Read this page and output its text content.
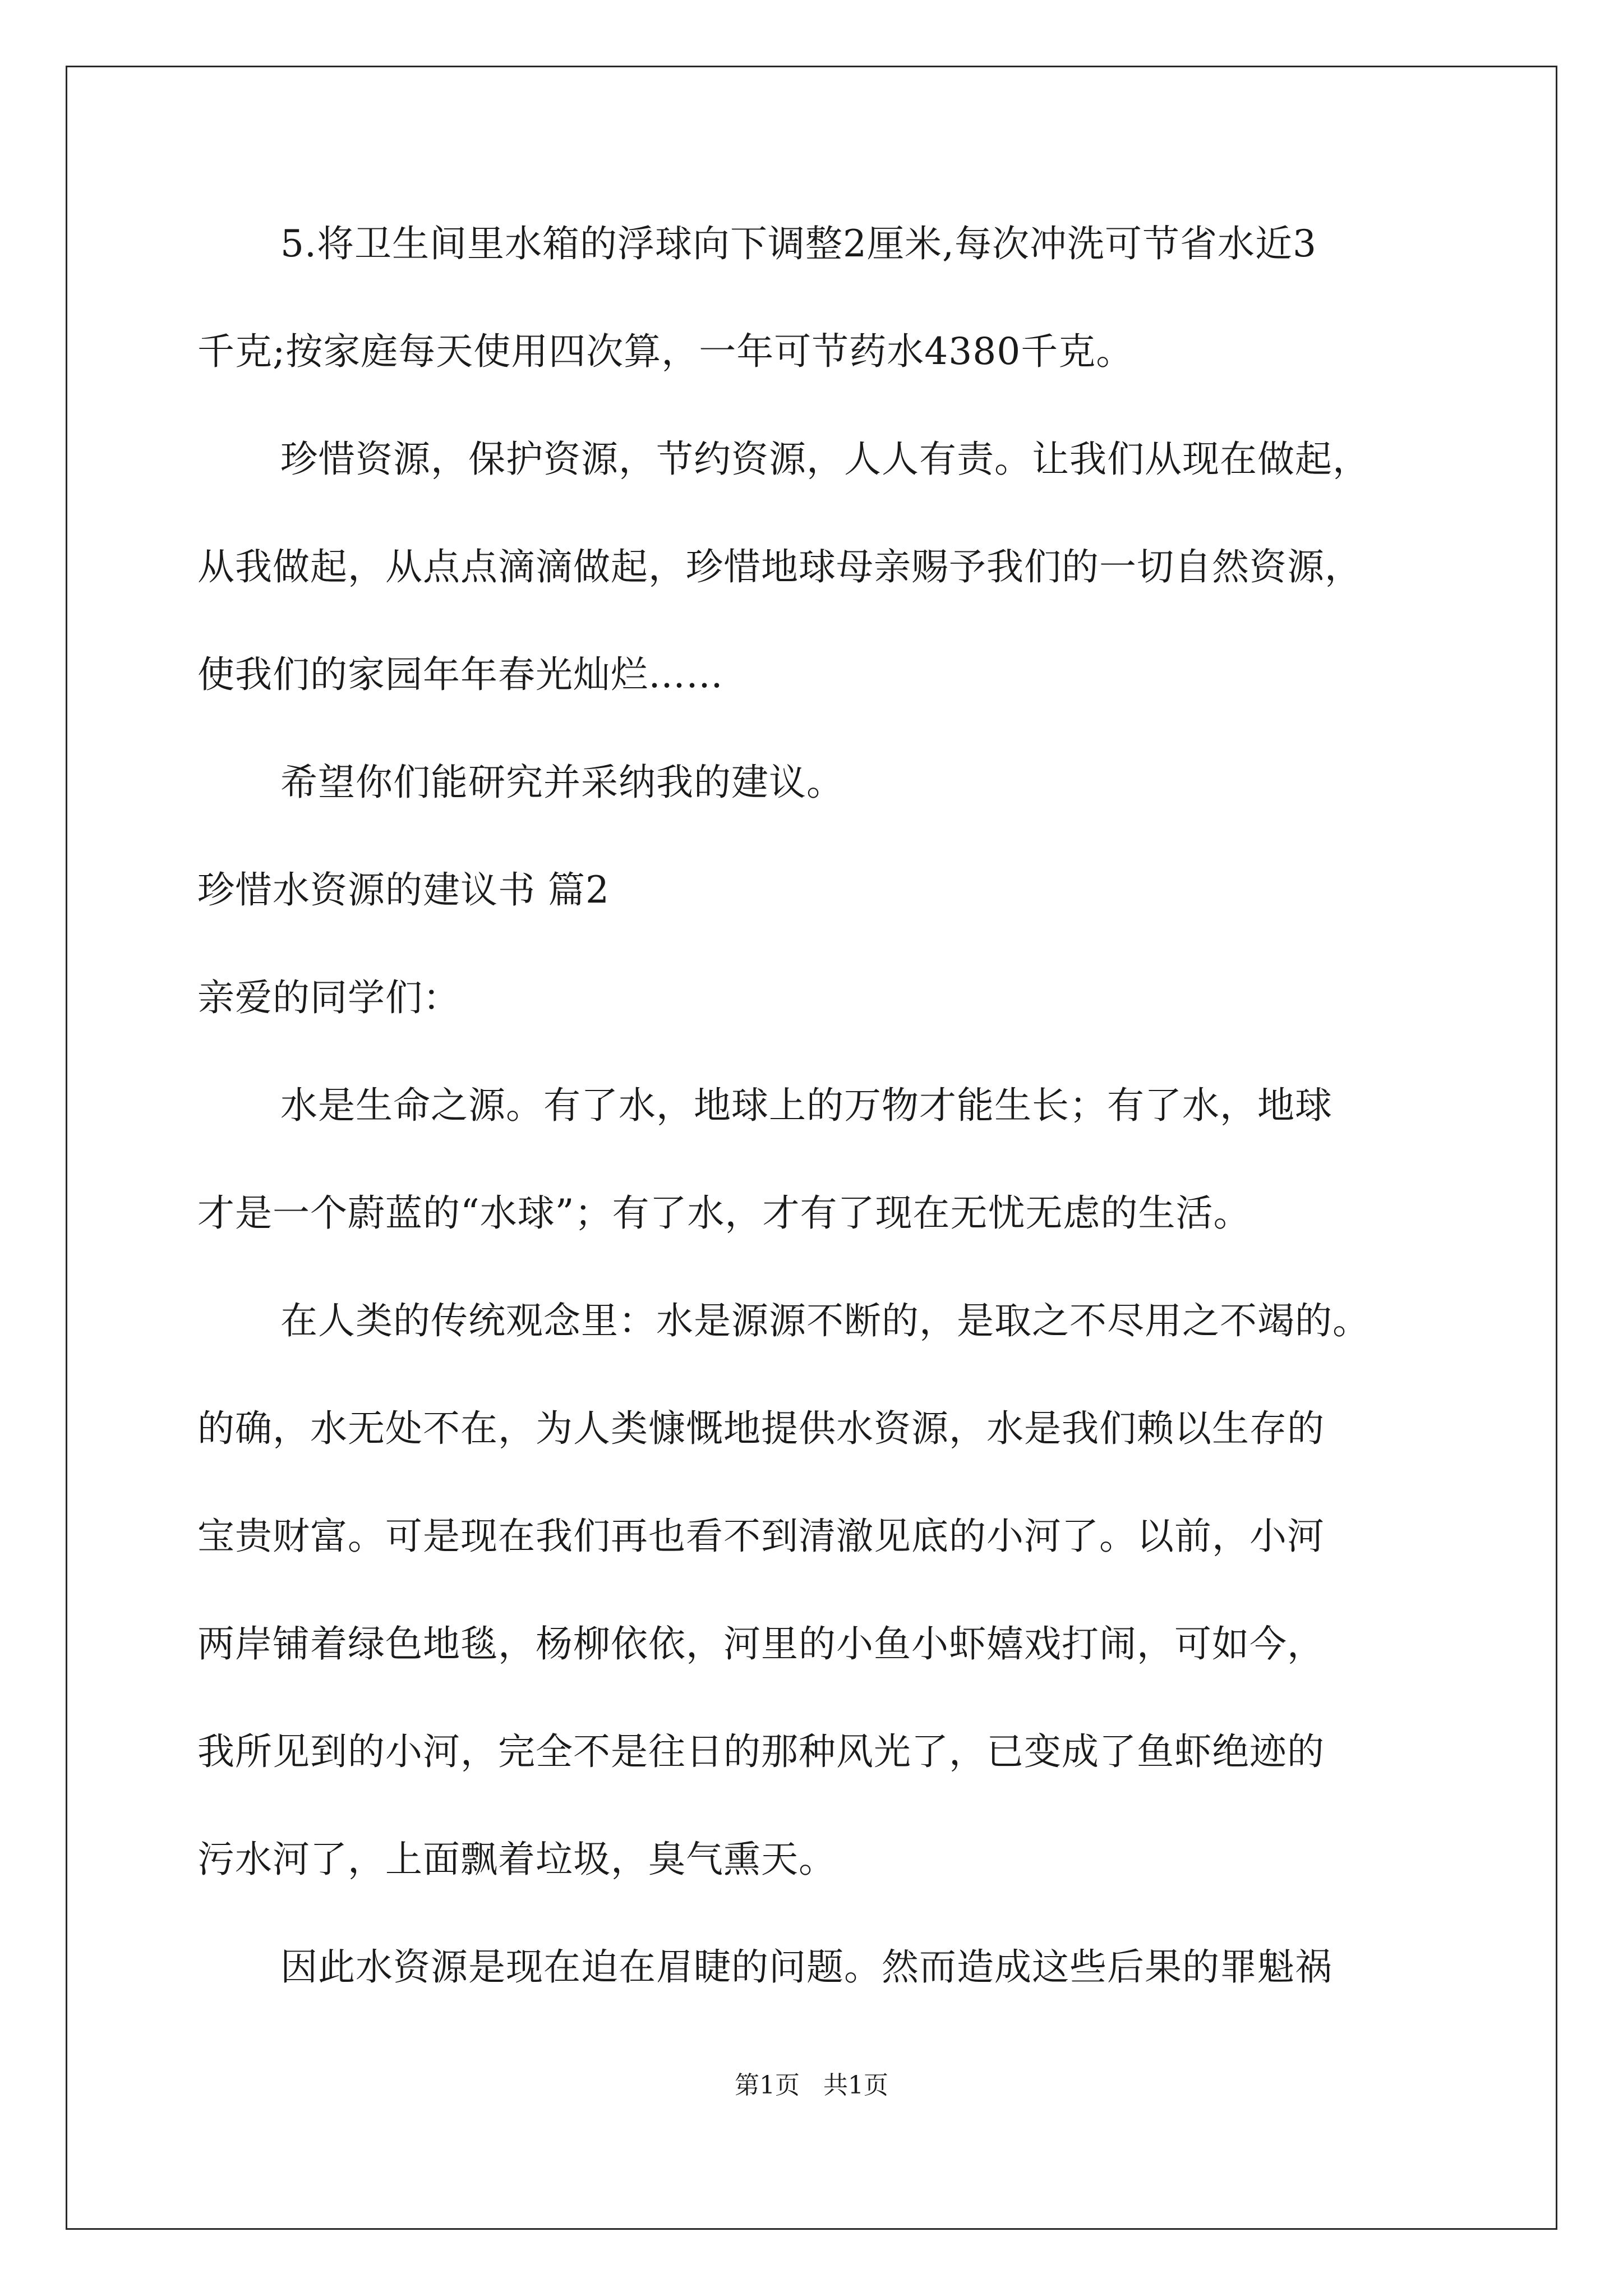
5.将卫生间里水箱的浮球向下调整2厘米,每次冲洗可节省水近3
千克;按家庭每天使用四次算，一年可节药水4380千克。
珍惜资源，保护资源，节约资源，人人有责。让我们从现在做起，
从我做起，从点点滴滴做起，珍惜地球母亲赐予我们的一切自然资源，
使我们的家园年年春光灿烂……
希望你们能研究并采纳我的建议。
珍惜水资源的建议书 篇2
亲爱的同学们：
水是生命之源。有了水，地球上的万物才能生长；有了水，地球
才是一个蔚蓝的“水球”；有了水，才有了现在无忧无虑的生活。
在人类的传统观念里：水是源源不断的，是取之不尽用之不竭的。
的确，水无处不在，为人类慷慨地提供水资源，水是我们赖以生存的
宝贵财富。可是现在我们再也看不到清澈见底的小河了。以前，小河
两岸铺着绿色地毯，杨柳依依，河里的小鱼小虾嬉戏打闹，可如今，
我所见到的小河，完全不是往日的那种风光了，已变成了鱼虾绝迹的
污水河了，上面飘着垃圾，臭气熏天。
因此水资源是现在迫在眉睫的问题。然而造成这些后果的罪魁祸
第1页 共1页
